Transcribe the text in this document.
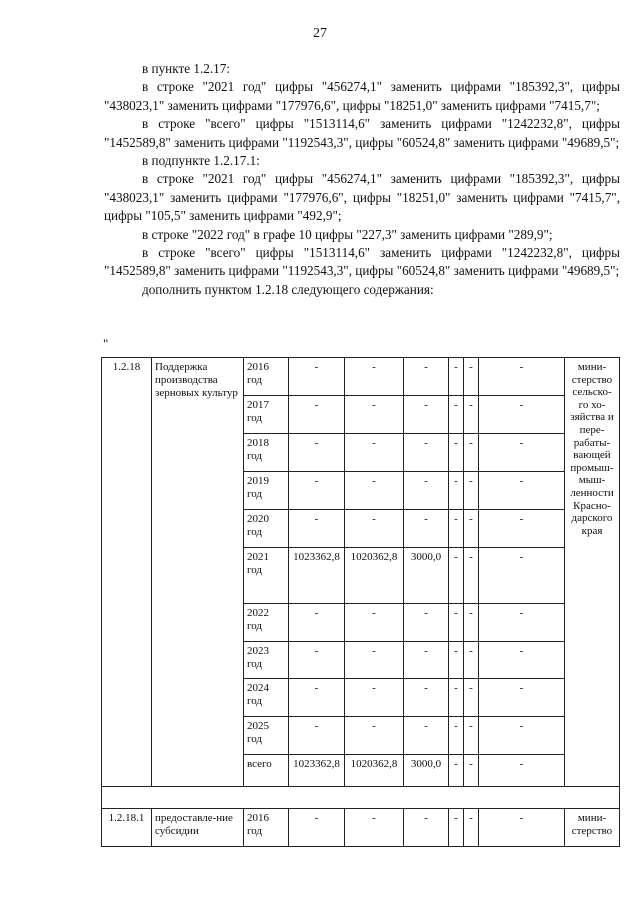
27

в пункте 1.2.17:

в строке "2021 год" цифры "456274,1" заменить цифрами "185392,3", цифры "438023,1" заменить цифрами "177976,6", цифры "18251,0" заменить цифрами "7415,7";

в строке "всего" цифры "1513114,6" заменить цифрами "1242232,8", цифры "1452589,8" заменить цифрами "1192543,3", цифры "60524,8" заменить цифрами "49689,5";

в подпункте 1.2.17.1:

в строке "2021 год" цифры "456274,1" заменить цифрами "185392,3", цифры "438023,1" заменить цифрами "177976,6", цифры "18251,0" заменить цифрами "7415,7", цифры "105,5" заменить цифрами "492,9";

в строке "2022 год" в графе 10 цифры "227,3" заменить цифрами "289,9";

в строке "всего" цифры "1513114,6" заменить цифрами "1242232,8", цифры "1452589,8" заменить цифрами "1192543,3", цифры "60524,8" заменить цифрами "49689,5";

дополнить пунктом 1.2.18 следующего содержания:

"
1.2.18	Поддержка производства зерновых культур	2016 год	-	-	-	-	-	-	мини-стерство сельско-го хо-зяйства и пере-рабаты-вающей промыш-мыш-ленности Красно-дарского края
		2017 год	-	-	-	-	-	-	
		2018 год	-	-	-	-	-	-	
		2019 год	-	-	-	-	-	-	
		2020 год	-	-	-	-	-	-	
		2021 год	1023362,8	1020362,8	3000,0	-	-	-	
		2022 год	-	-	-	-	-	-	
		2023 год	-	-	-	-	-	-	
		2024 год	-	-	-	-	-	-	
		2025 год	-	-	-	-	-	-	
		всего	1023362,8	1020362,8	3000,0	-	-	-	

1.2.18.1	предоставле-ние субсидии	2016 год	-	-	-	-	-	-	мини-стерство
